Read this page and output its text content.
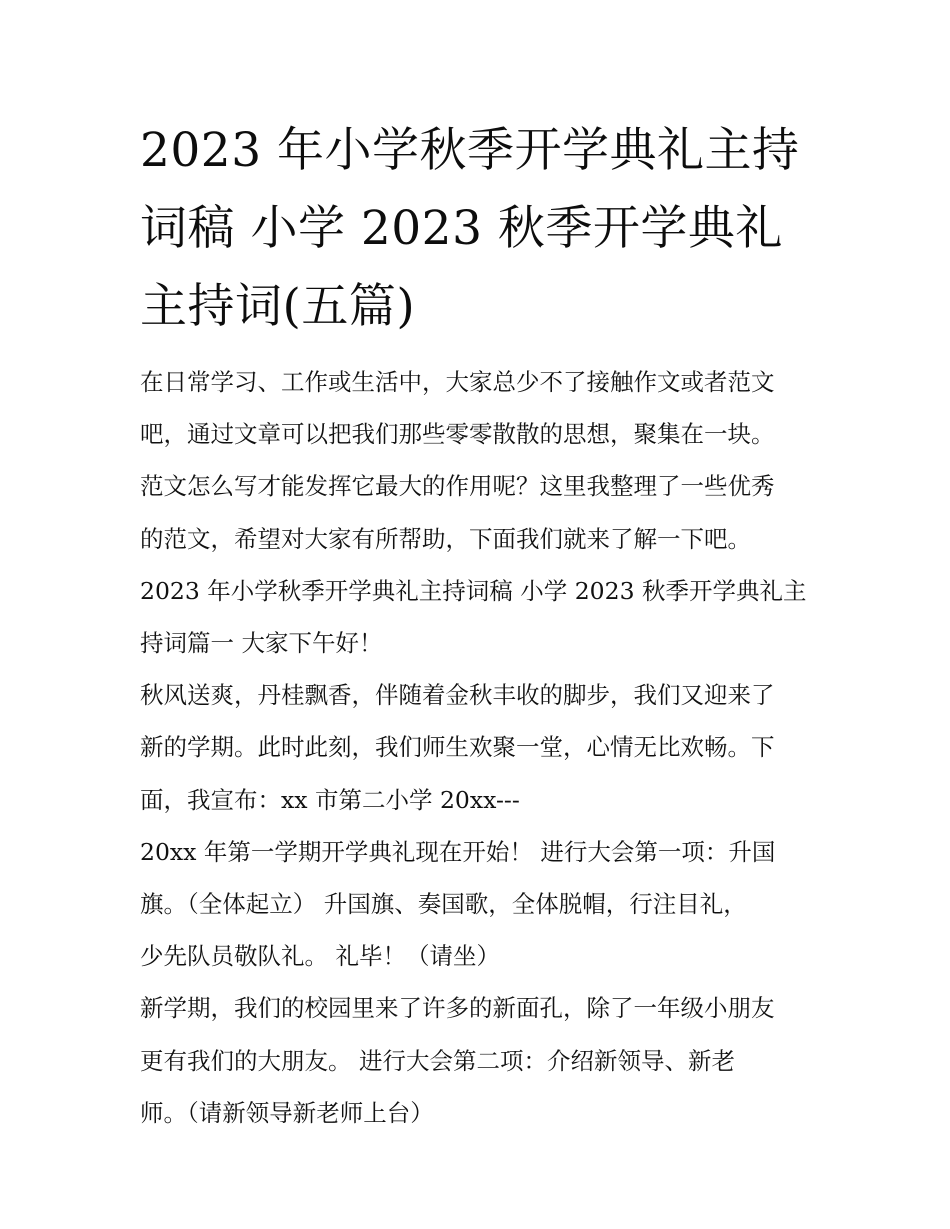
2023 年小学秋季开学典礼主持
词稿 小学 2023 秋季开学典礼
主持词(五篇)
在日常学习、工作或生活中，大家总少不了接触作文或者范文
吧，通过文章可以把我们那些零零散散的思想，聚集在一块。
范文怎么写才能发挥它最大的作用呢？这里我整理了一些优秀
的范文，希望对大家有所帮助，下面我们就来了解一下吧。
2023 年小学秋季开学典礼主持词稿 小学 2023 秋季开学典礼主
持词篇一 大家下午好！
秋风送爽，丹桂飘香，伴随着金秋丰收的脚步，我们又迎来了
新的学期。此时此刻，我们师生欢聚一堂，心情无比欢畅。下
面，我宣布：xx 市第二小学 20xx---
20xx 年第一学期开学典礼现在开始！ 进行大会第一项：升国
旗。（全体起立） 升国旗、奏国歌，全体脱帽，行注目礼，
少先队员敬队礼。 礼毕！（请坐）
新学期，我们的校园里来了许多的新面孔，除了一年级小朋友
更有我们的大朋友。 进行大会第二项：介绍新领导、新老
师。（请新领导新老师上台）
